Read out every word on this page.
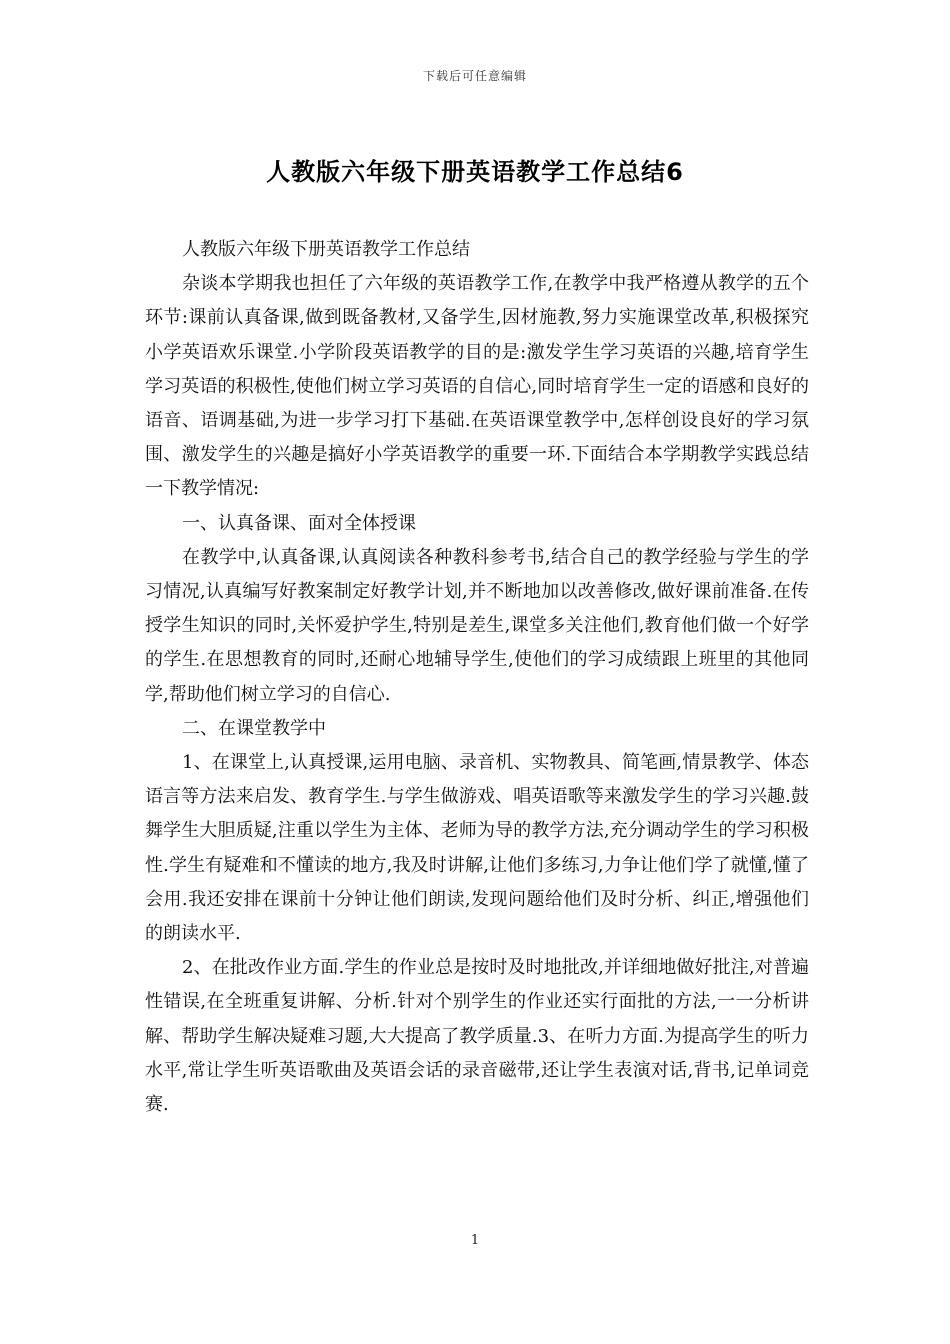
下载后可任意编辑
人教版六年级下册英语教学工作总结6

人教版六年级下册英语教学工作总结

杂谈本学期我也担任了六年级的英语教学工作,在教学中我严格遵从教学的五个环节:课前认真备课,做到既备教材,又备学生,因材施教,努力实施课堂改革,积极探究小学英语欢乐课堂.小学阶段英语教学的目的是:激发学生学习英语的兴趣,培育学生学习英语的积极性,使他们树立学习英语的自信心,同时培育学生一定的语感和良好的语音、语调基础,为进一步学习打下基础.在英语课堂教学中,怎样创设良好的学习氛围、激发学生的兴趣是搞好小学英语教学的重要一环.下面结合本学期教学实践总结一下教学情况:

一、认真备课、面对全体授课

在教学中,认真备课,认真阅读各种教科参考书,结合自己的教学经验与学生的学习情况,认真编写好教案制定好教学计划,并不断地加以改善修改,做好课前准备.在传授学生知识的同时,关怀爱护学生,特别是差生,课堂多关注他们,教育他们做一个好学的学生.在思想教育的同时,还耐心地辅导学生,使他们的学习成绩跟上班里的其他同学,帮助他们树立学习的自信心.

二、在课堂教学中

1、在课堂上,认真授课,运用电脑、录音机、实物教具、简笔画,情景教学、体态语言等方法来启发、教育学生.与学生做游戏、唱英语歌等来激发学生的学习兴趣.鼓舞学生大胆质疑,注重以学生为主体、老师为导的教学方法,充分调动学生的学习积极性.学生有疑难和不懂读的地方,我及时讲解,让他们多练习,力争让他们学了就懂,懂了会用.我还安排在课前十分钟让他们朗读,发现问题给他们及时分析、纠正,增强他们的朗读水平.

2、在批改作业方面.学生的作业总是按时及时地批改,并详细地做好批注,对普遍性错误,在全班重复讲解、分析.针对个别学生的作业还实行面批的方法,一一分析讲解、帮助学生解决疑难习题,大大提高了教学质量.3、在听力方面.为提高学生的听力水平,常让学生听英语歌曲及英语会话的录音磁带,还让学生表演对话,背书,记单词竞赛.

1
